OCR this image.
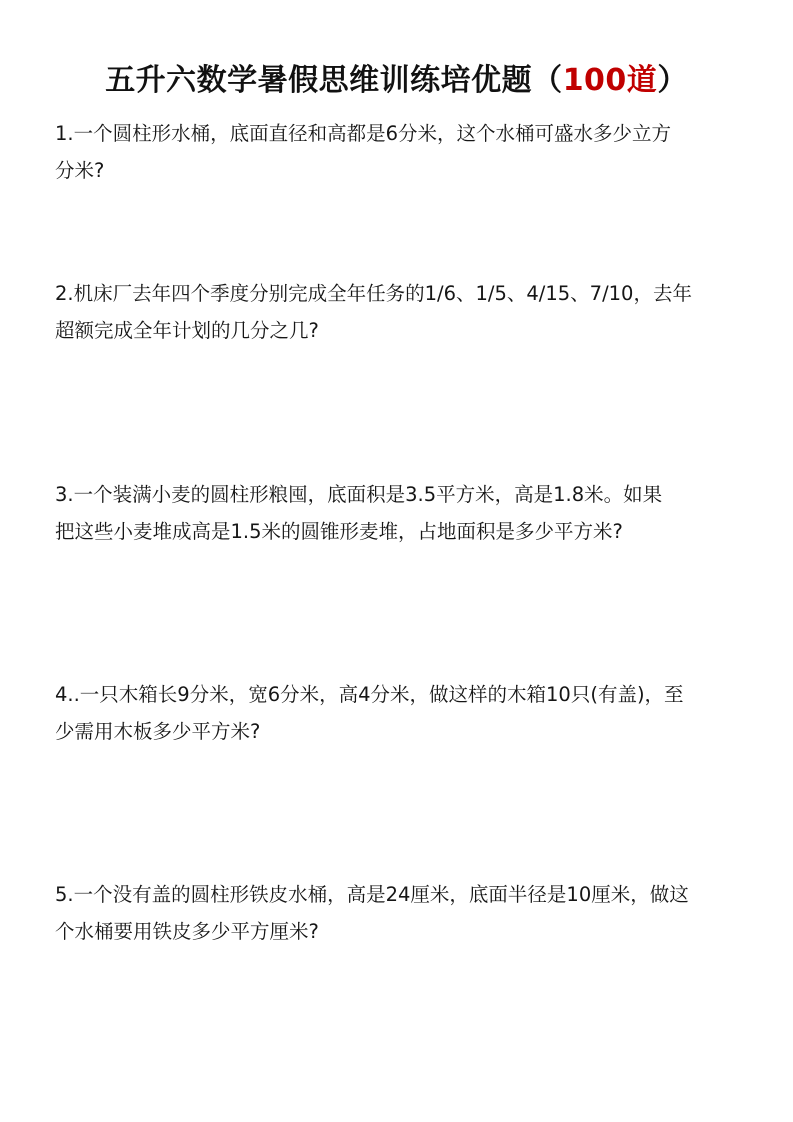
五升六数学暑假思维训练培优题（100道）
1.一个圆柱形水桶，底面直径和高都是6分米，这个水桶可盛水多少立方
分米?
2.机床厂去年四个季度分别完成全年任务的1/6、1/5、4/15、7/10，去年
超额完成全年计划的几分之几?
3.一个装满小麦的圆柱形粮囤，底面积是3.5平方米，高是1.8米。如果
把这些小麦堆成高是1.5米的圆锥形麦堆，占地面积是多少平方米?
4..一只木箱长9分米，宽6分米，高4分米，做这样的木箱10只(有盖)，至
少需用木板多少平方米?
5.一个没有盖的圆柱形铁皮水桶，高是24厘米，底面半径是10厘米，做这
个水桶要用铁皮多少平方厘米?
